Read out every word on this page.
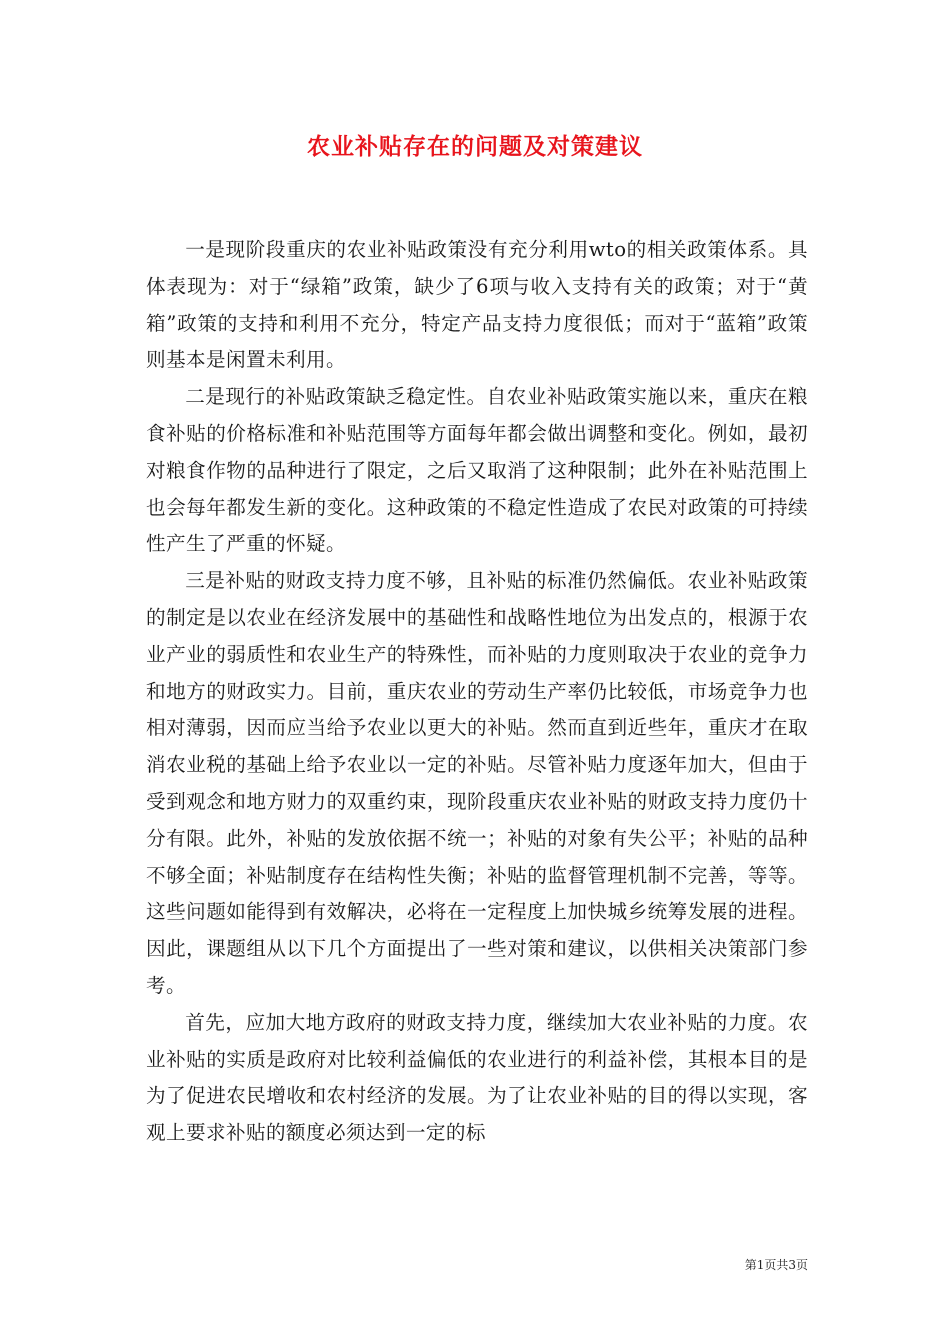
农业补贴存在的问题及对策建议

一是现阶段重庆的农业补贴政策没有充分利用wto的相关政策体系。具体表现为：对于“绿箱”政策，缺少了6项与收入支持有关的政策；对于“黄箱”政策的支持和利用不充分，特定产品支持力度很低；而对于“蓝箱”政策则基本是闲置未利用。

二是现行的补贴政策缺乏稳定性。自农业补贴政策实施以来，重庆在粮食补贴的价格标准和补贴范围等方面每年都会做出调整和变化。例如，最初对粮食作物的品种进行了限定，之后又取消了这种限制；此外在补贴范围上也会每年都发生新的变化。这种政策的不稳定性造成了农民对政策的可持续性产生了严重的怀疑。

三是补贴的财政支持力度不够，且补贴的标准仍然偏低。农业补贴政策的制定是以农业在经济发展中的基础性和战略性地位为出发点的，根源于农业产业的弱质性和农业生产的特殊性，而补贴的力度则取决于农业的竞争力和地方的财政实力。目前，重庆农业的劳动生产率仍比较低，市场竞争力也相对薄弱，因而应当给予农业以更大的补贴。然而直到近些年，重庆才在取消农业税的基础上给予农业以一定的补贴。尽管补贴力度逐年加大，但由于受到观念和地方财力的双重约束，现阶段重庆农业补贴的财政支持力度仍十分有限。此外，补贴的发放依据不统一；补贴的对象有失公平；补贴的品种不够全面；补贴制度存在结构性失衡；补贴的监督管理机制不完善，等等。这些问题如能得到有效解决，必将在一定程度上加快城乡统筹发展的进程。因此，课题组从以下几个方面提出了一些对策和建议，以供相关决策部门参考。

首先，应加大地方政府的财政支持力度，继续加大农业补贴的力度。农业补贴的实质是政府对比较利益偏低的农业进行的利益补偿，其根本目的是为了促进农民增收和农村经济的发展。为了让农业补贴的目的得以实现，客观上要求补贴的额度必须达到一定的标

第1页共3页
